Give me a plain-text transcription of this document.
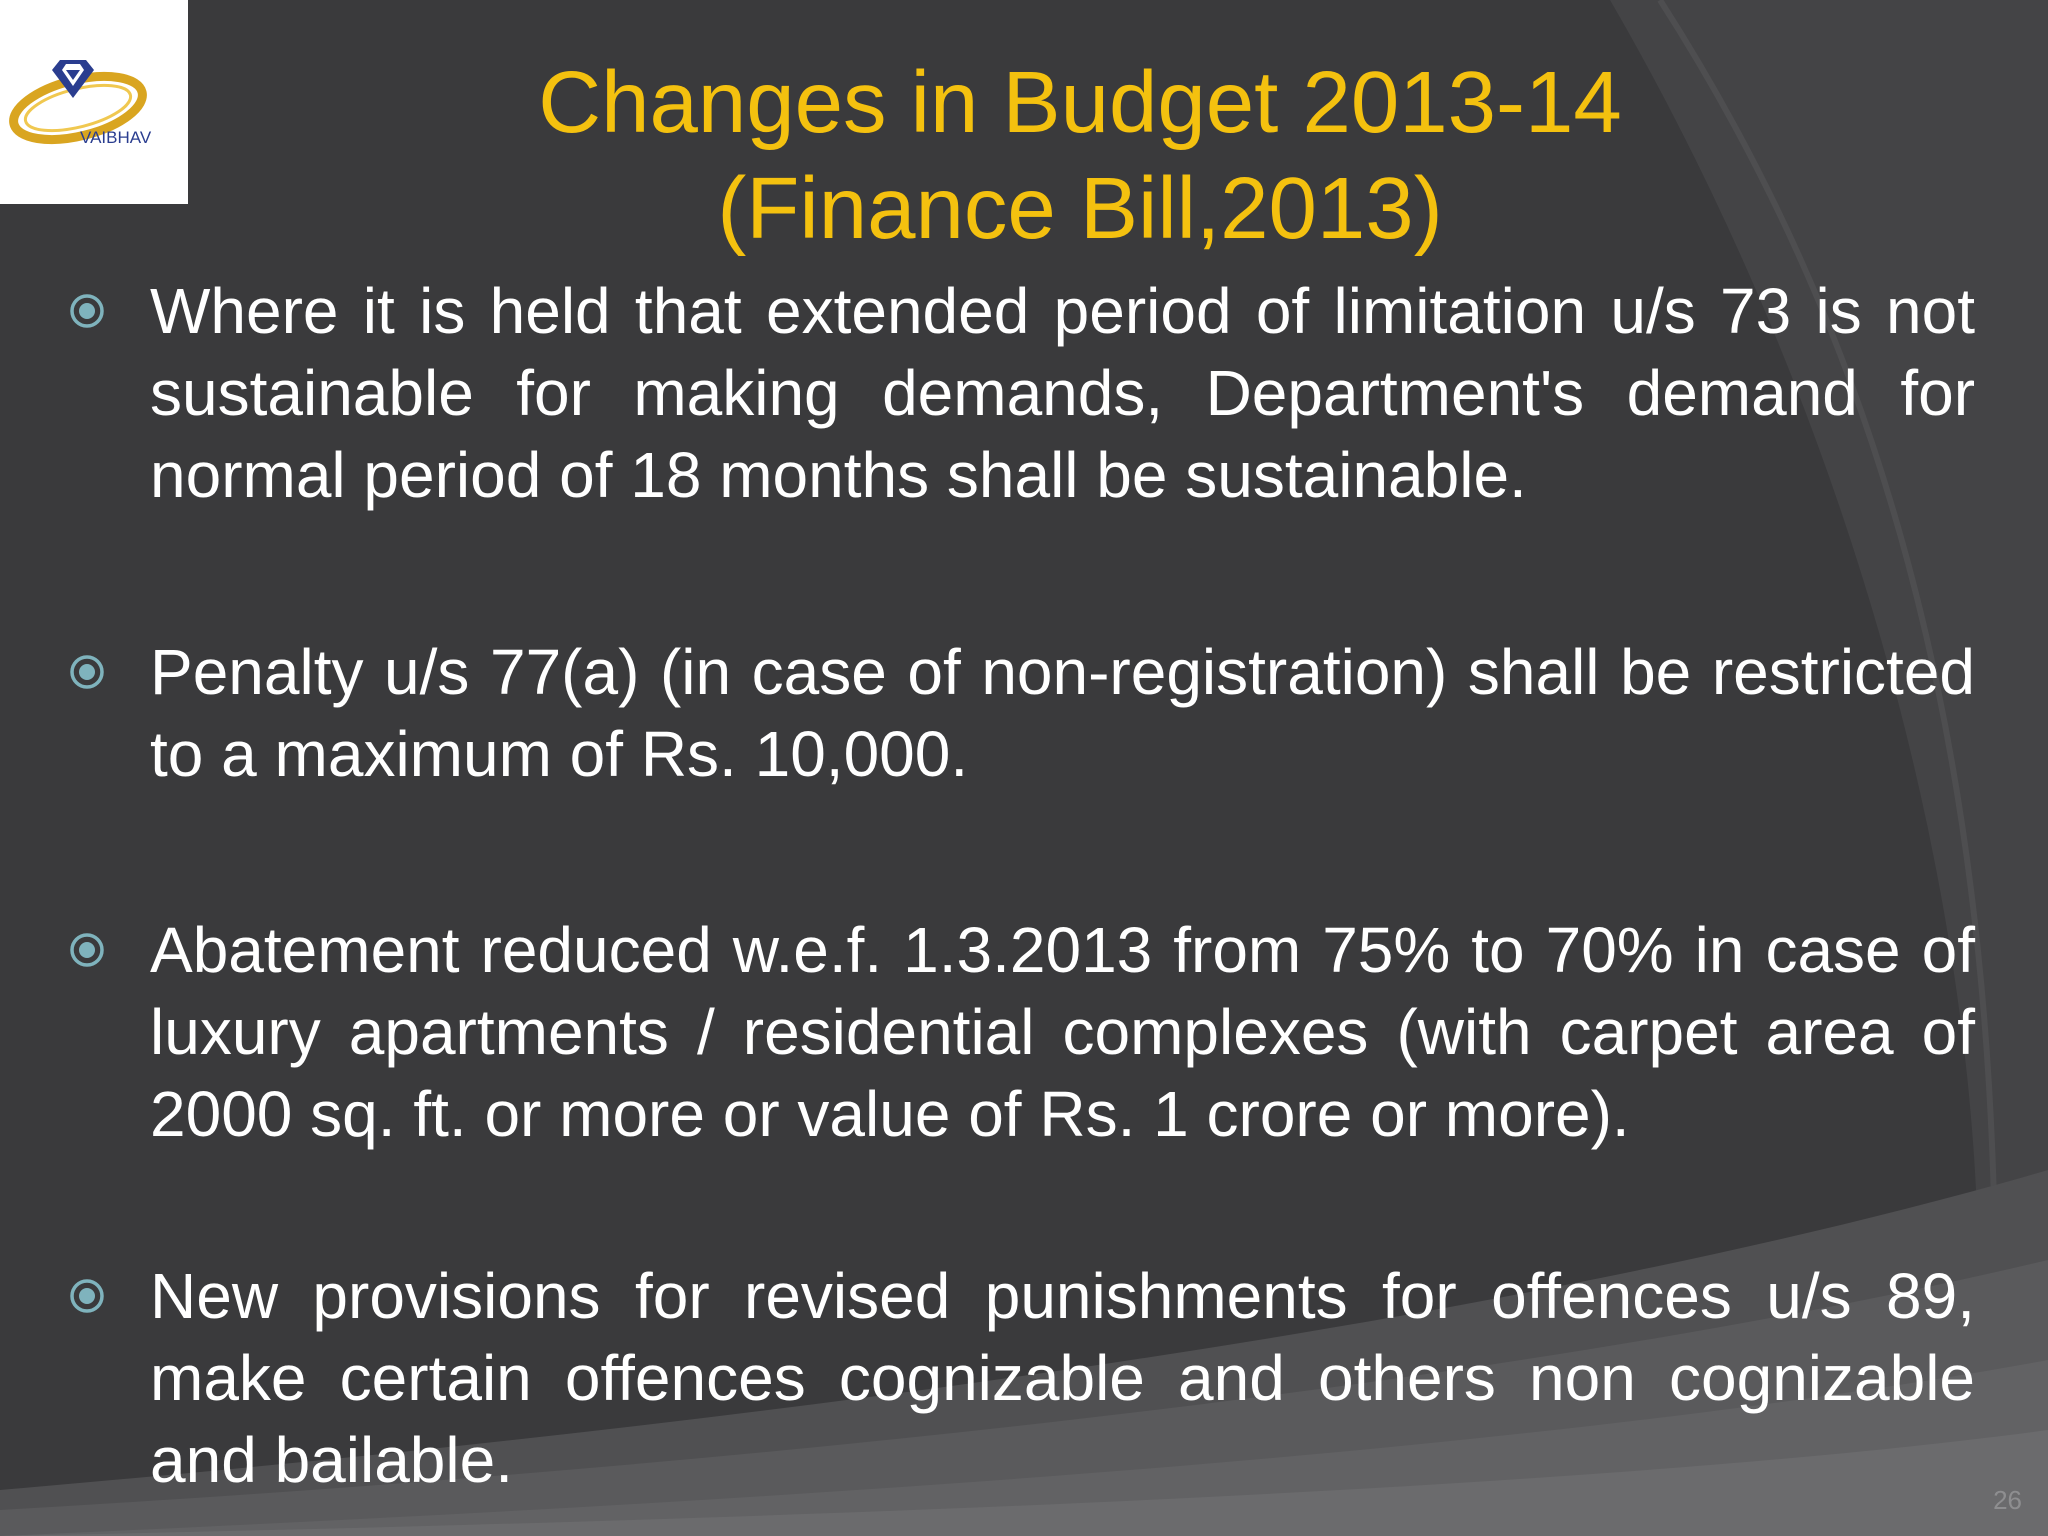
VAIBHAV	Changes in Budget 2013-14
(Finance Bill,2013)
Where it is held that extended period of limitation u/s 73 is not sustainable for making demands, Department's demand for normal period of 18 months shall be sustainable.
Penalty u/s 77(a) (in case of non-registration) shall be restricted to a maximum of Rs. 10,000.
Abatement reduced w.e.f. 1.3.2013 from 75% to 70% in case of luxury apartments / residential complexes (with carpet area of 2000 sq. ft. or more or value of Rs. 1 crore or more).
New provisions for revised punishments for offences u/s 89, make certain offences cognizable and others non cognizable and bailable.
26
